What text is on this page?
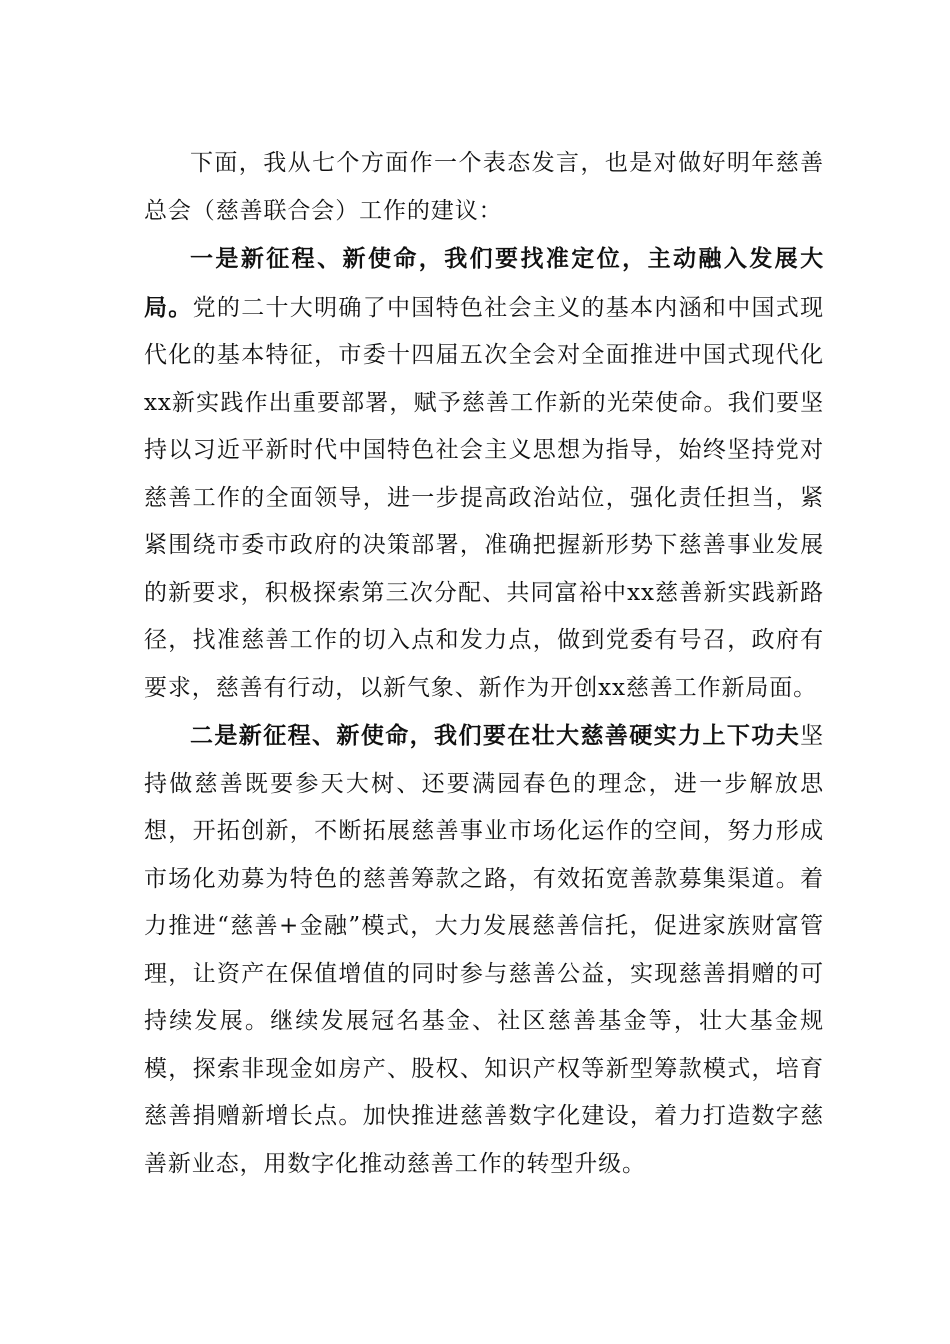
下面，我从七个方面作一个表态发言，也是对做好明年慈善总会（慈善联合会）工作的建议：

一是新征程、新使命，我们要找准定位，主动融入发展大局。党的二十大明确了中国特色社会主义的基本内涵和中国式现代化的基本特征，市委十四届五次全会对全面推进中国式现代化xx新实践作出重要部署，赋予慈善工作新的光荣使命。我们要坚持以习近平新时代中国特色社会主义思想为指导，始终坚持党对慈善工作的全面领导，进一步提高政治站位，强化责任担当，紧紧围绕市委市政府的决策部署，准确把握新形势下慈善事业发展的新要求，积极探索第三次分配、共同富裕中xx慈善新实践新路径，找准慈善工作的切入点和发力点，做到党委有号召，政府有要求，慈善有行动，以新气象、新作为开创xx慈善工作新局面。

二是新征程、新使命，我们要在壮大慈善硬实力上下功夫坚持做慈善既要参天大树、还要满园春色的理念，进一步解放思想，开拓创新，不断拓展慈善事业市场化运作的空间，努力形成市场化劝募为特色的慈善筹款之路，有效拓宽善款募集渠道。着力推进“慈善+金融”模式，大力发展慈善信托，促进家族财富管理，让资产在保值增值的同时参与慈善公益，实现慈善捐赠的可持续发展。继续发展冠名基金、社区慈善基金等，壮大基金规模，探索非现金如房产、股权、知识产权等新型筹款模式，培育慈善捐赠新增长点。加快推进慈善数字化建设，着力打造数字慈善新业态，用数字化推动慈善工作的转型升级。
